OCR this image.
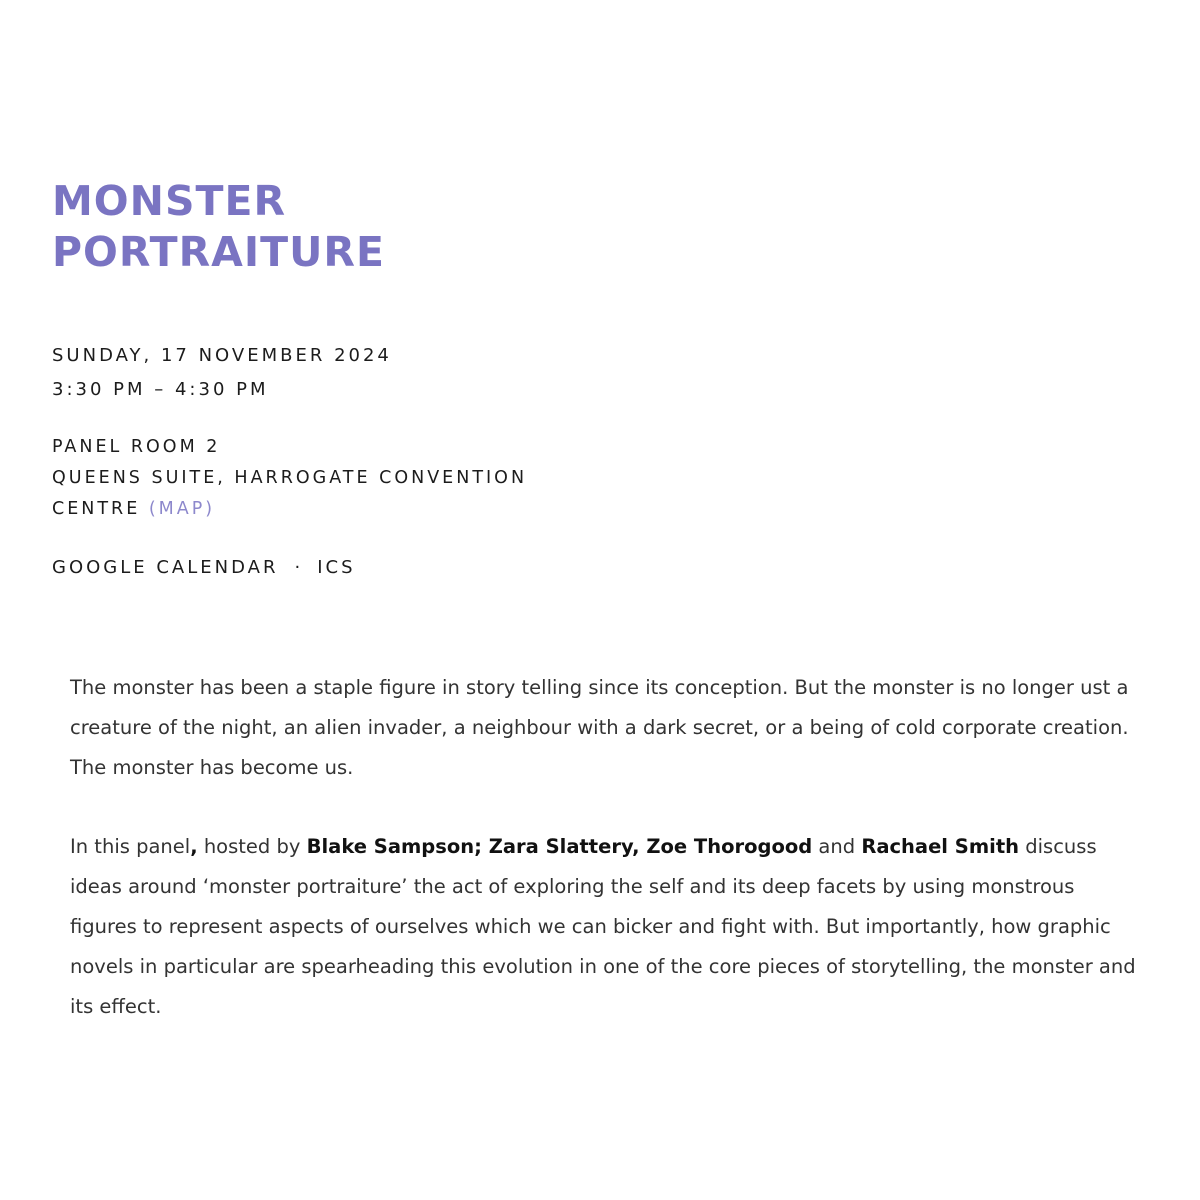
MONSTER
PORTRAITURE
SUNDAY, 17 NOVEMBER 2024
3:30 PM – 4:30 PM
PANEL ROOM 2
QUEENS SUITE, HARROGATE CONVENTION
CENTRE (MAP)
GOOGLE CALENDAR · ICS

The monster has been a staple figure in story telling since its conception. But the monster is no longer ust a creature of the night, an alien invader, a neighbour with a dark secret, or a being of cold corporate creation. The monster has become us.

In this panel, hosted by Blake Sampson; Zara Slattery, Zoe Thorogood and Rachael Smith discuss ideas around ‘monster portraiture’ the act of exploring the self and its deep facets by using monstrous figures to represent aspects of ourselves which we can bicker and fight with. But importantly, how graphic novels in particular are spearheading this evolution in one of the core pieces of storytelling, the monster and its effect.
